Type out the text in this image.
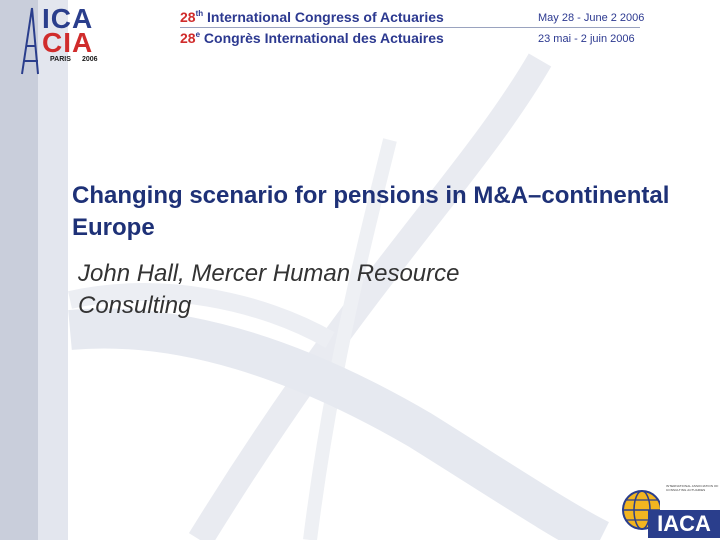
ICA

CIA

PARIS 2006
28th International Congress of Actuaries
28e Congrès International des Actuaires
May 28 - June 2 2006
23 mai - 2 juin 2006
Changing scenario for pensions in M&A–continental Europe

John Hall, Mercer Human Resource Consulting

INTERNATIONAL ASSOCIATION OF CONSULTING ACTUARIES
IACA
